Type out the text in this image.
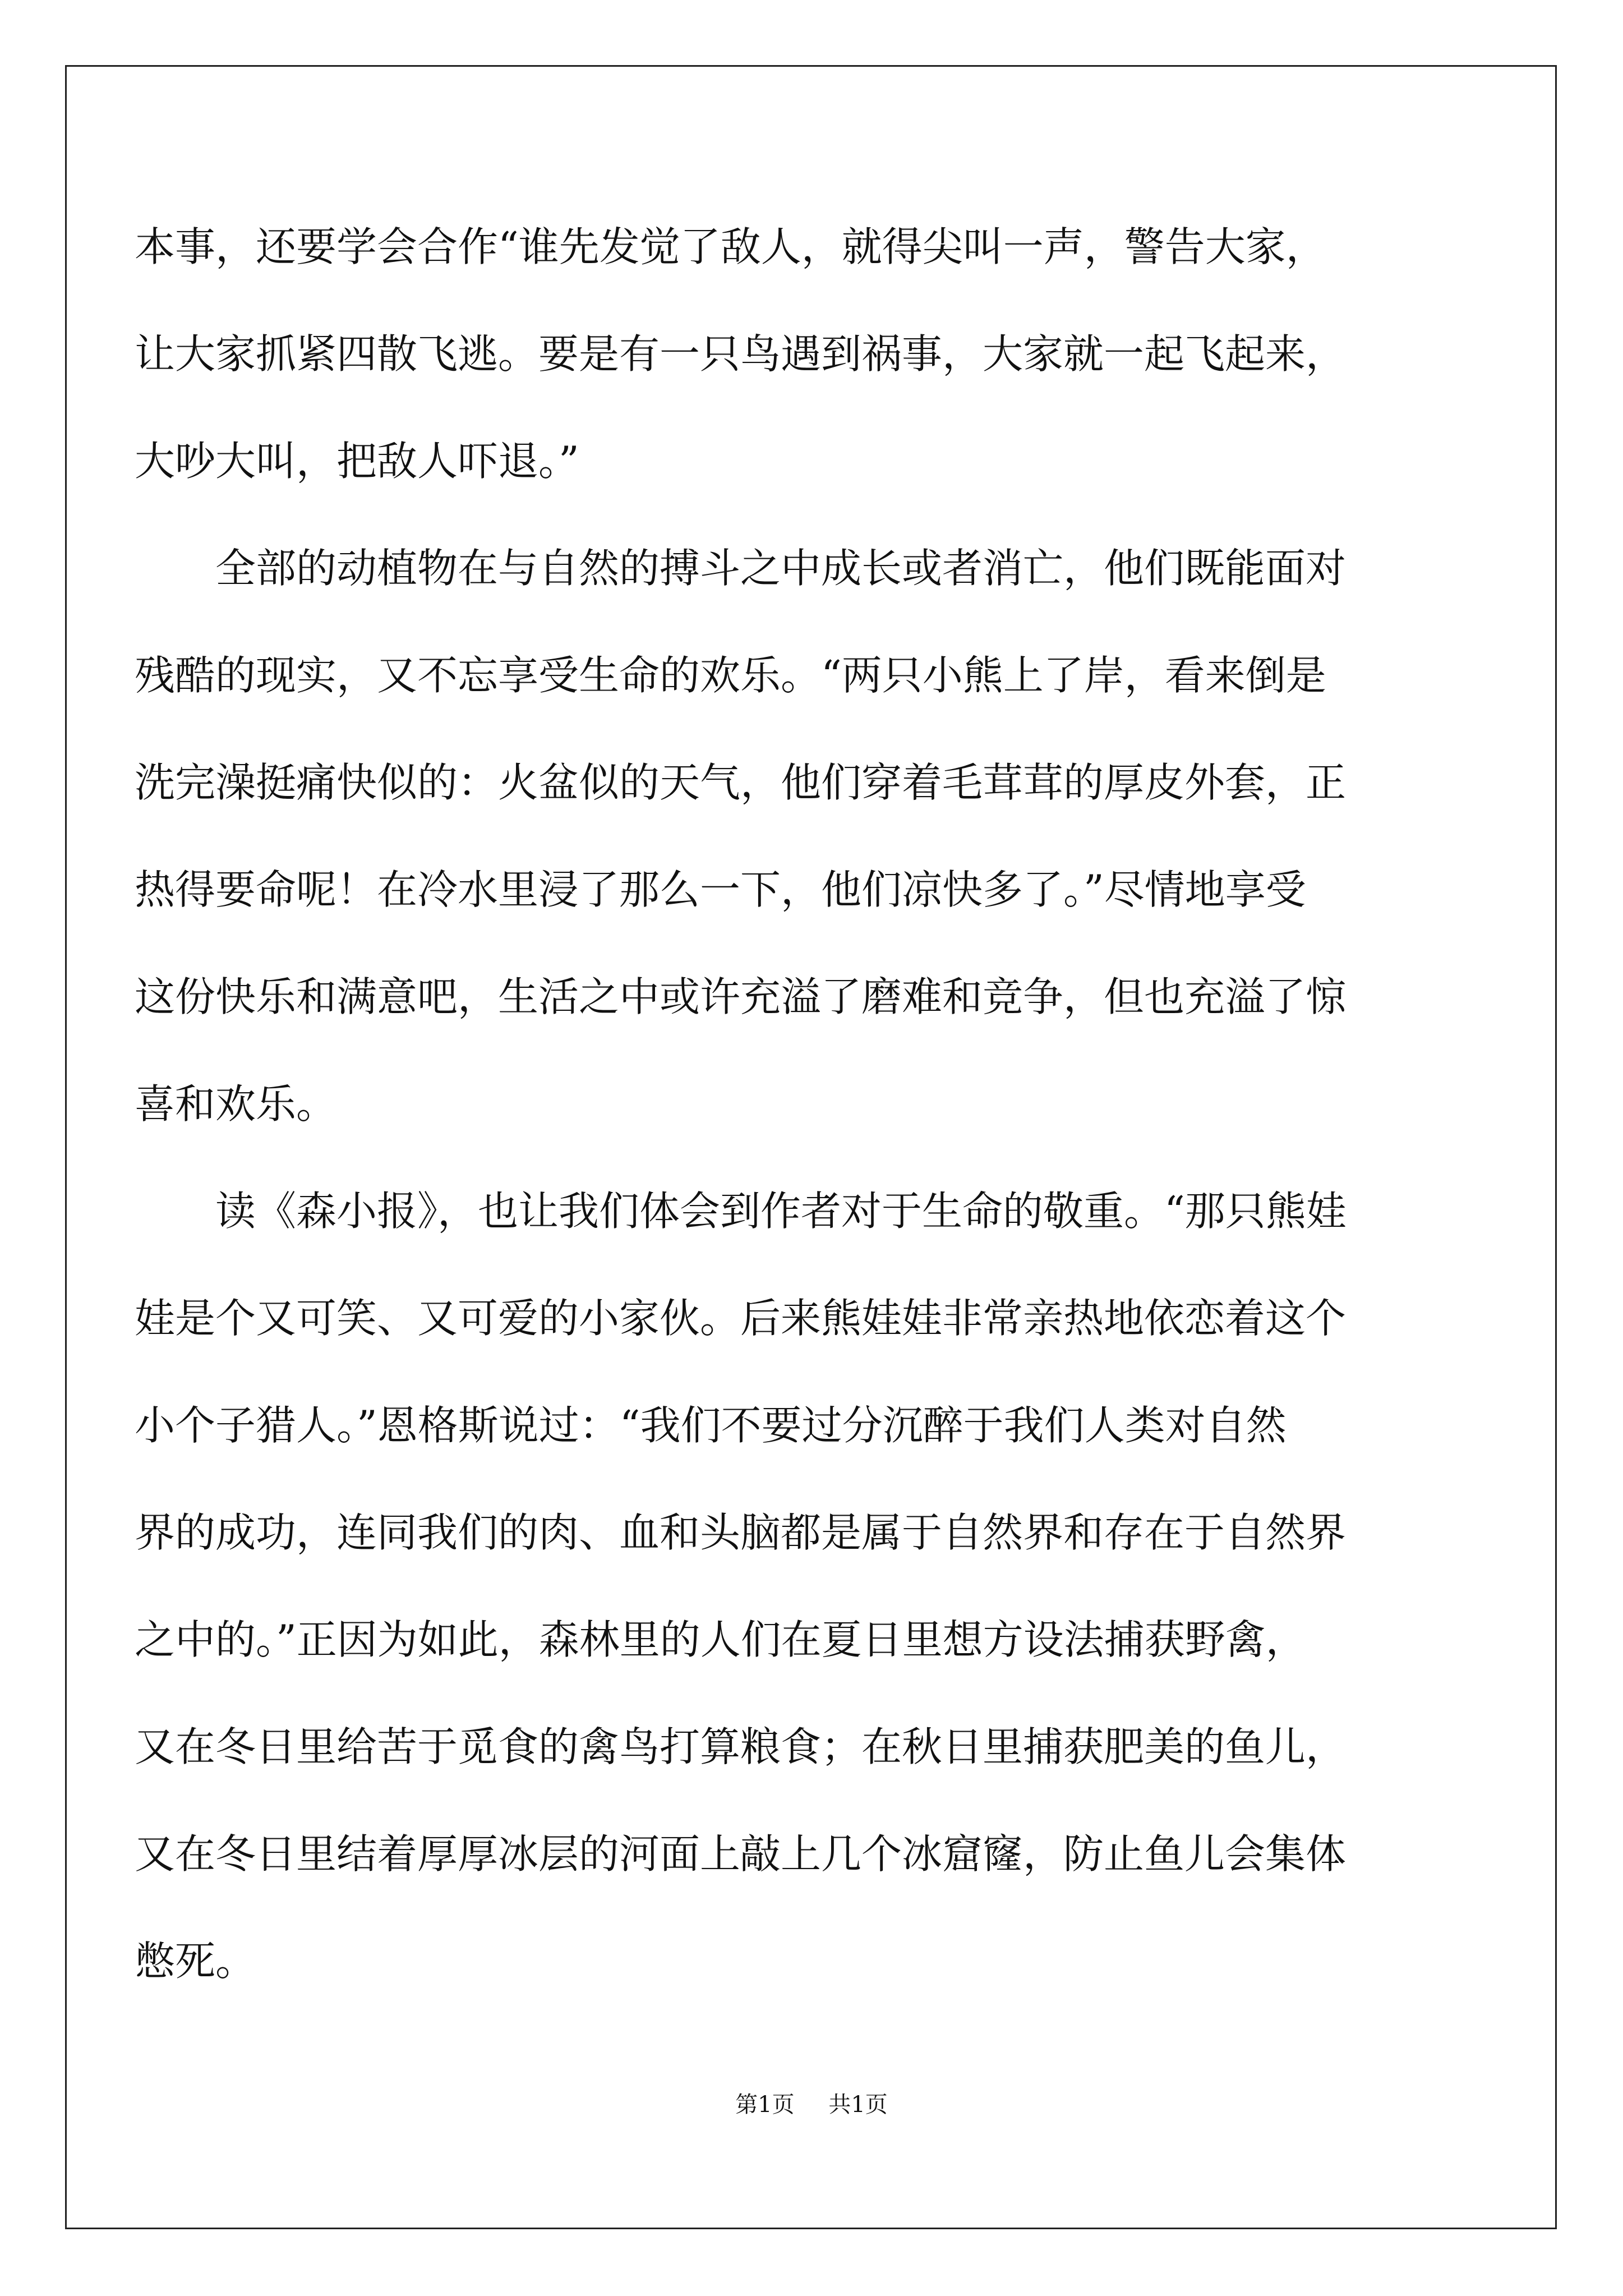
本事，还要学会合作“谁先发觉了敌人，就得尖叫一声，警告大家，
让大家抓紧四散飞逃。要是有一只鸟遇到祸事，大家就一起飞起来，
大吵大叫，把敌人吓退。”
全部的动植物在与自然的搏斗之中成长或者消亡，他们既能面对
残酷的现实，又不忘享受生命的欢乐。“两只小熊上了岸，看来倒是
洗完澡挺痛快似的：火盆似的天气，他们穿着毛茸茸的厚皮外套，正
热得要命呢！在冷水里浸了那么一下，他们凉快多了。”尽情地享受
这份快乐和满意吧，生活之中或许充溢了磨难和竞争，但也充溢了惊
喜和欢乐。
读《森小报》，也让我们体会到作者对于生命的敬重。“那只熊娃
娃是个又可笑、又可爱的小家伙。后来熊娃娃非常亲热地依恋着这个
小个子猎人。”恩格斯说过：“我们不要过分沉醉于我们人类对自然
界的成功，连同我们的肉、血和头脑都是属于自然界和存在于自然界
之中的。”正因为如此，森林里的人们在夏日里想方设法捕获野禽，
又在冬日里给苦于觅食的禽鸟打算粮食；在秋日里捕获肥美的鱼儿，
又在冬日里结着厚厚冰层的河面上敲上几个冰窟窿，防止鱼儿会集体
憋死。
第1页 共1页
